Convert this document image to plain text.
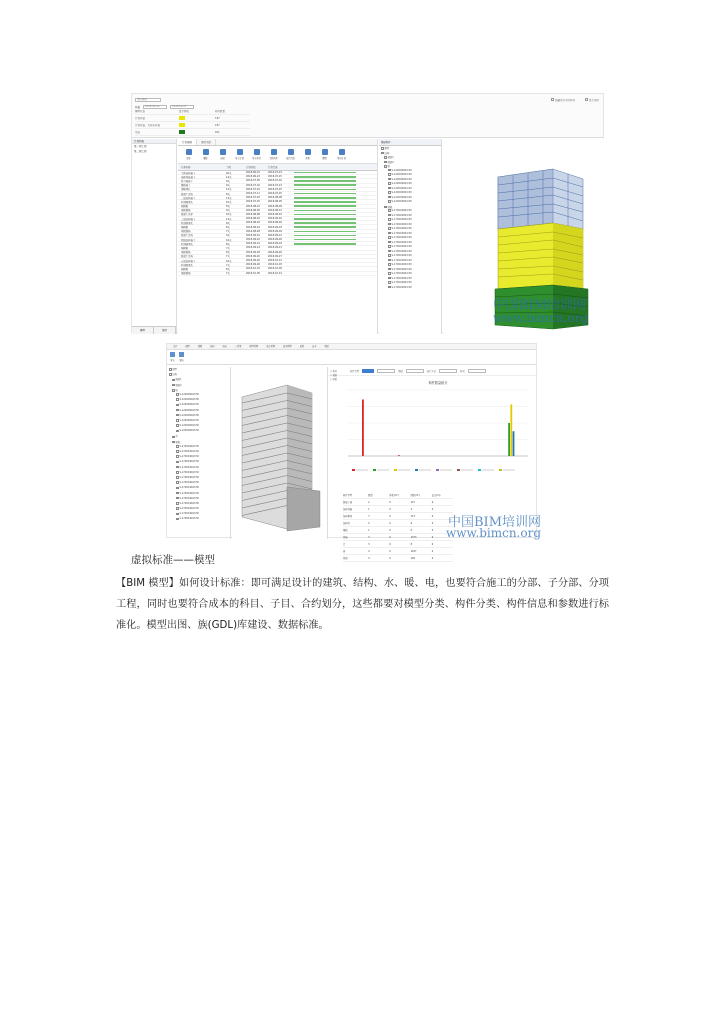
进度模拟
开始	2018-09-12	2018-09-27
隐藏进行中的构件	显示进度
模型状态	显示颜色	构件数量
计划开始	187
计划开始，实际未开始	187
完成	841
计划列表
第一期工程
第二期工程
模型	进度
计划编辑	进度关联
添加	删除	编辑	导入计划	导入项目	关联构件	取消关联	升级	降级	导出计划
任务名称	工期	计划开始	计划完成
主体结构施工	20天	2018-06-01	2018-07-23
筏板基础施工	14天	2018-06-23	2018-07-15
剪力墙施工	8天	2018-07-05	2018-07-16
模板施工	9天	2018-07-16	2018-07-23
钢筋绑扎	12天	2018-07-01	2018-07-25
混凝土浇筑	8天	2018-07-11	2018-07-25
二层结构施工	13天	2018-07-25	2018-08-08
柱钢筋绑扎	10天	2018-07-25	2018-08-05
墙模板	8天	2018-08-01	2018-08-09
梁板钢筋	9天	2018-08-05	2018-08-12
混凝土养护	10天	2018-08-08	2018-08-22
三层结构施工	14天	2018-08-16	2018-09-01
柱钢筋绑扎	8天	2018-08-18	2018-08-26
墙模板	8天	2018-08-24	2018-09-03
梁板钢筋	7天	2018-08-28	2018-09-04
混凝土浇筑	9天	2018-09-01	2018-09-12
四层结构施工	16天	2018-09-10	2018-09-26
柱钢筋绑扎	8天	2018-09-10	2018-09-18
墙模板	7天	2018-09-14	2018-09-21
梁板钢筋	8天	2018-09-18	2018-09-26
混凝土浇筑	7天	2018-09-20	2018-09-27
五层结构施工	16天	2018-09-26	2018-10-12
柱钢筋绑扎	7天	2018-09-26	2018-10-03
墙模板	8天	2018-10-01	2018-10-09
梁板钢筋	7天	2018-10-05	2018-10-12
楼层构件
模型
结构
楼层1
楼层2
墙
S-1200X600/C30
S-1200X600/C30
S-1200X600/C30
S-1200X600/C30
S-1200X600/C30
S-1200X600/C30
S-1200X600/C30
S-1200X600/C30
楼板
S-1700X400/C30
S-1700X400/C30
S-1700X400/C30
S-1700X400/C30
S-1700X400/C30
S-1700X400/C30
S-1700X400/C30
S-1700X400/C30
S-1700X400/C30
S-1700X400/C30
S-1700X400/C30
S-1700X400/C30
S-1700X400/C30
S-1700X400/C30
S-1700X400/C30
S-1700X400/C30
S-1700X400/C30
S-1700X400/C30
中国BIM培训网
www.bimcn.org
文件	视图	建模	结构	机电	工程量	模型管理	进度管理	成本管理	质量	安全	帮助
导入 导出
模型
结构
楼层1
楼层2
墙
S-1200X600/C30
S-1200X600/C30
S-1200X600/C30
S-1200X600/C30
S-1200X600/C30
S-1200X600/C30
S-1200X600/C30
S-1200X600/C30
柱
楼板
S-1700X400/C30
S-1700X400/C30
S-1700X400/C30
S-1700X400/C30
S-1700X400/C30
S-1700X400/C30
S-1700X400/C30
S-1700X400/C30
S-1700X400/C30
S-1700X400/C30
S-1700X400/C30
S-1700X400/C30
S-1700X400/C30
S-1700X400/C30
S-1700X400/C30
○ 构件
○ 楼层
○ 材质
构件类型	楼层	统计方式	材质
构件数量统计
构件类型	数量	体积(m³)	面积(m²)	长度(m)
混凝土墙	2	0	127	0
结构基础	1	0	2	0
结构框架	7	0	713	0
结构柱	2	0	6	0
楼板	1	0	0	0
幕墙	3	0	1373	0
门	3	0	8	0
窗	4	0	1437	0
屋顶	4	0	105	0
中国BIM培训网
www.bimcn.org
虚拟标准——模型
【BIM 模型】如何设计标准：即可满足设计的建筑、结构、水、暖、电，也要符合施工的分部、子分部、分项工程，同时也要符合成本的科目、子目、合约划分，这些都要对模型分类、构件分类、构件信息和参数进行标准化。模型出图、族(GDL)库建设、数据标准。
